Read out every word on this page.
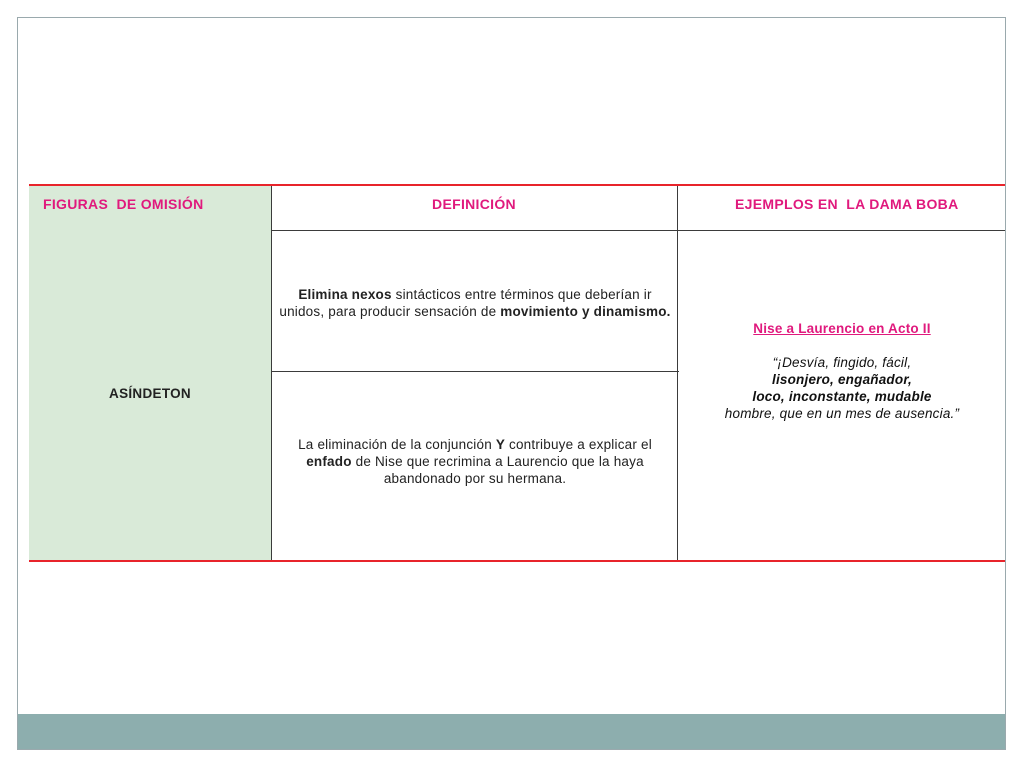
FIGURAS  DE OMISIÓN	DEFINICIÓN	EJEMPLOS EN  LA DAMA BOBA
ASÍNDETON
Elimina nexos sintácticos entre términos que deberían ir unidos, para producir sensación de movimiento y dinamismo.
La eliminación de la conjunción Y contribuye a explicar el enfado de Nise que recrimina a Laurencio que la haya abandonado por su hermana.
Nise a Laurencio en Acto II
“¡Desvía, fingido, fácil,
lisonjero, engañador,
loco, inconstante, mudable
hombre, que en un mes de ausencia.”
